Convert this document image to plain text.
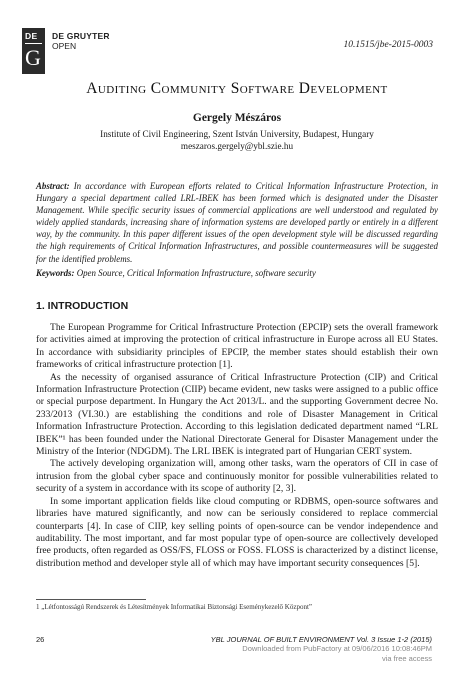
DE
G
DE GRUYTER
OPEN	10.1515/jbe-2015-0003
Auditing Community Software Development
Gergely Mészáros
Institute of Civil Engineering, Szent István University, Budapest, Hungary
meszaros.gergely@ybl.szie.hu
Abstract: In accordance with European efforts related to Critical Information Infrastructure Protection, in Hungary a special department called LRL-IBEK has been formed which is designated under the Disaster Management. While specific security issues of commercial applications are well understood and regulated by widely applied standards, increasing share of information systems are developed partly or entirely in a different way, by the community. In this paper different issues of the open development style will be discussed regarding the high requirements of Critical Information Infrastructures, and possible countermeasures will be suggested for the identified problems.
Keywords: Open Source, Critical Information Infrastructure, software security
1. INTRODUCTION

The European Programme for Critical Infrastructure Protection (EPCIP) sets the overall framework for activities aimed at improving the protection of critical infrastructure in Europe across all EU States. In accordance with subsidiarity principles of EPCIP, the member states should establish their own frameworks of critical infrastructure protection [1].

As the necessity of organised assurance of Critical Infrastructure Protection (CIP) and Critical Information Infrastructure Protection (CIIP) became evident, new tasks were assigned to a public office or special purpose department. In Hungary the Act 2013/L. and the supporting Government decree No. 233/2013 (VI.30.) are establishing the conditions and role of Disaster Management in Critical Information Infrastructure Protection. According to this legislation dedicated department named “LRL IBEK”¹ has been founded under the National Directorate General for Disaster Management under the Ministry of the Interior (NDGDM). The LRL IBEK is integrated part of Hungarian CERT system.

The actively developing organization will, among other tasks, warn the operators of CII in case of intrusion from the global cyber space and continuously monitor for possible vulnerabilities related to security of a system in accordance with its scope of authority [2, 3].

In some important application fields like cloud computing or RDBMS, open-source softwares and libraries have matured significantly, and now can be seriously considered to replace commercial counterparts [4]. In case of CIIP, key selling points of open-source can be vendor independence and auditability. The most important, and far most popular type of open-source are collectively developed free products, often regarded as OSS/FS, FLOSS or FOSS. FLOSS is characterized by a distinct license, distribution method and developer style all of which may have important security consequences [5].

1 „Létfontosságú Rendszerek és Létesítmények Informatikai Biztonsági Eseménykezelő Központ”
26	YBL JOURNAL OF BUILT ENVIRONMENT Vol. 3 Issue 1-2 (2015)
Downloaded from PubFactory at 09/06/2016 10:08:46PM
via free access
